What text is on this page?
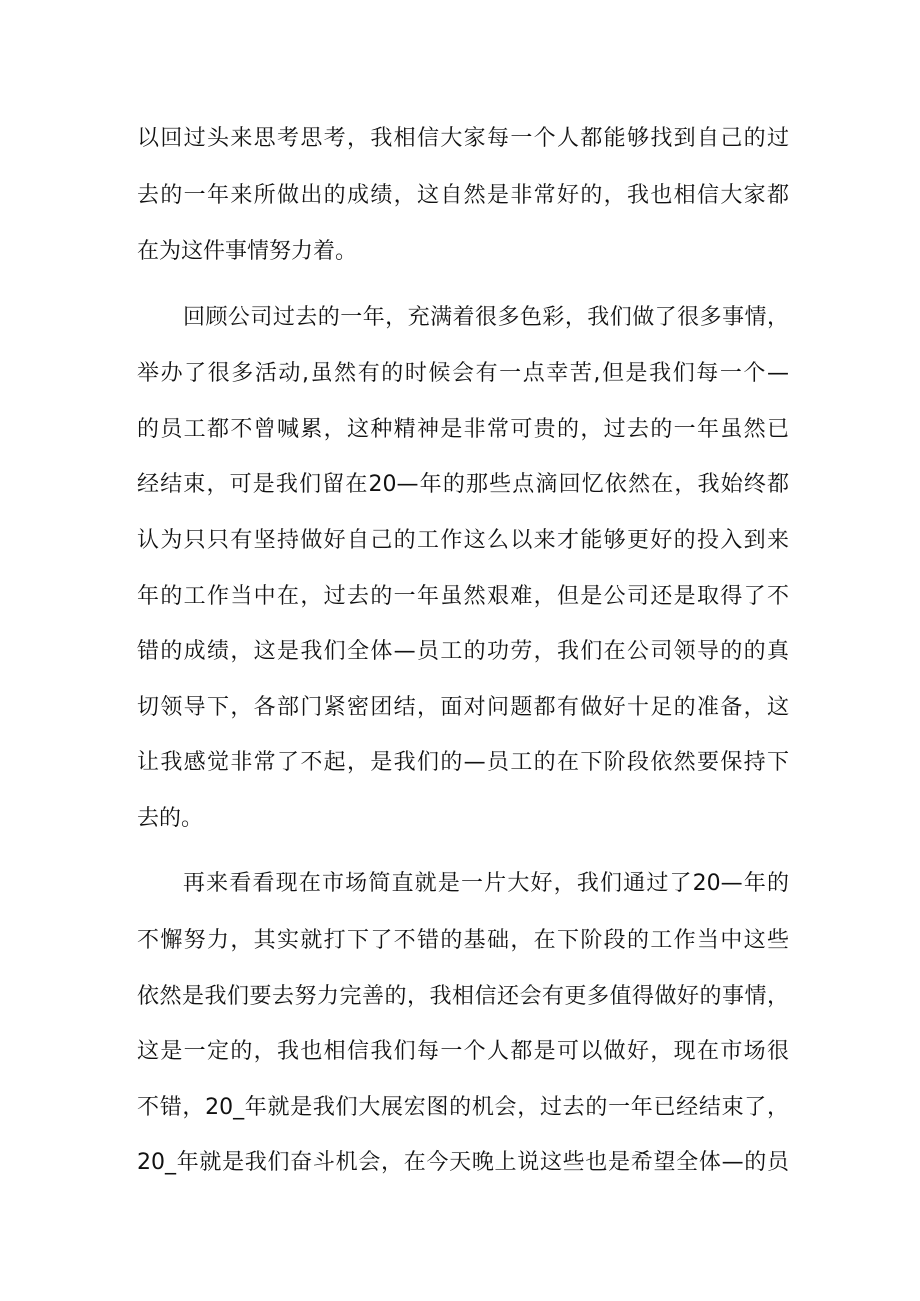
以回过头来思考思考，我相信大家每一个人都能够找到自己的过
去的一年来所做出的成绩，这自然是非常好的，我也相信大家都
在为这件事情努力着。
回顾公司过去的一年，充满着很多色彩，我们做了很多事情，
举办了很多活动,虽然有的时候会有一点幸苦,但是我们每一个—
的员工都不曾喊累，这种精神是非常可贵的，过去的一年虽然已
经结束，可是我们留在20—年的那些点滴回忆依然在，我始终都
认为只只有坚持做好自己的工作这么以来才能够更好的投入到来
年的工作当中在，过去的一年虽然艰难，但是公司还是取得了不
错的成绩，这是我们全体—员工的功劳，我们在公司领导的的真
切领导下，各部门紧密团结，面对问题都有做好十足的准备，这
让我感觉非常了不起，是我们的—员工的在下阶段依然要保持下
去的。
再来看看现在市场简直就是一片大好，我们通过了20—年的
不懈努力，其实就打下了不错的基础，在下阶段的工作当中这些
依然是我们要去努力完善的，我相信还会有更多值得做好的事情，
这是一定的，我也相信我们每一个人都是可以做好，现在市场很
不错，20_年就是我们大展宏图的机会，过去的一年已经结束了，
20_年就是我们奋斗机会，在今天晚上说这些也是希望全体—的员
